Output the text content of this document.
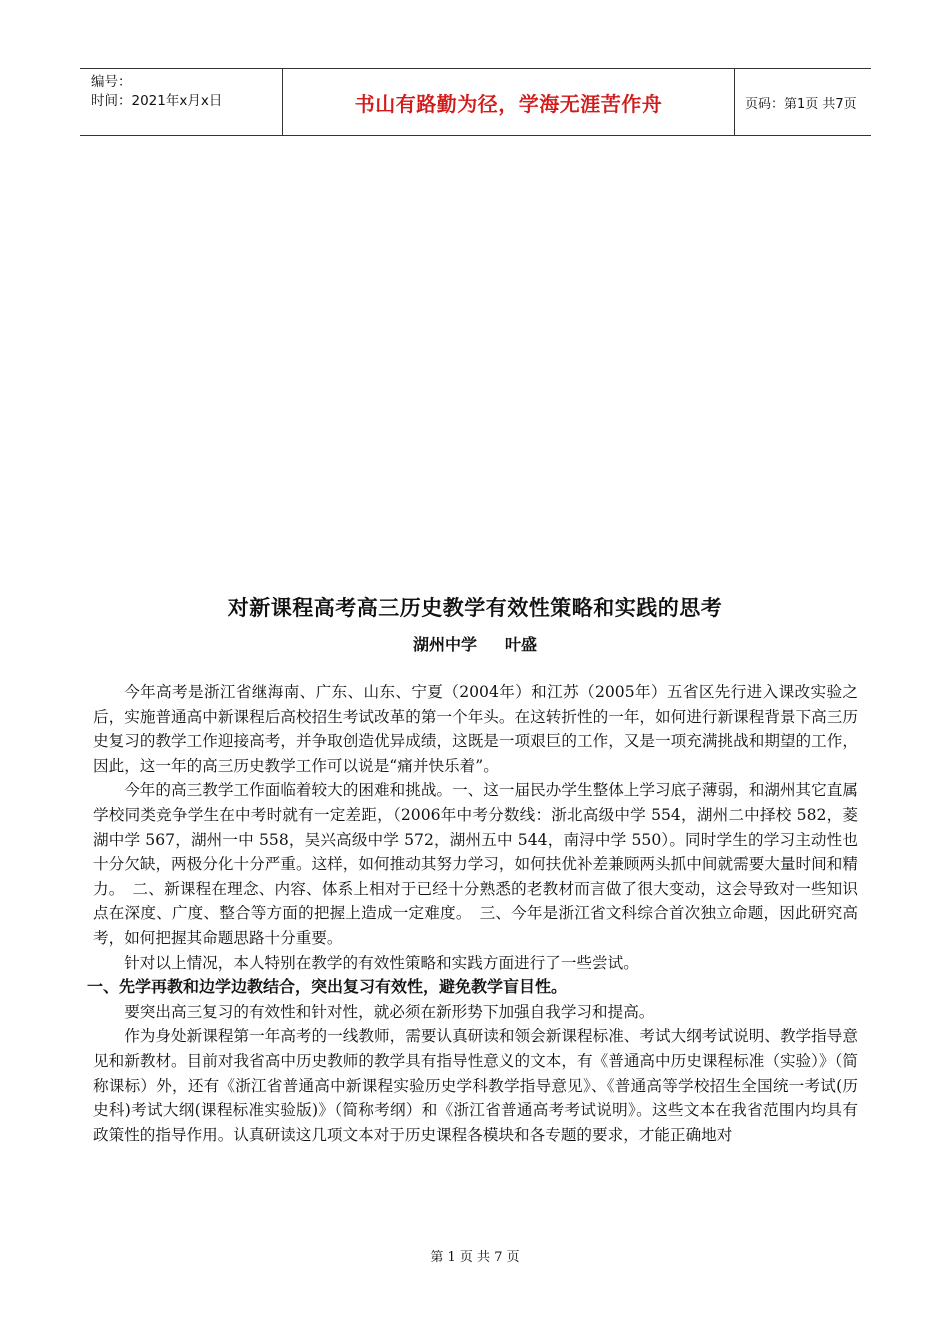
编号：
时间：2021年x月x日	书山有路勤为径，学海无涯苦作舟	页码：第1页 共7页
对新课程高考高三历史教学有效性策略和实践的思考
湖州中学 叶盛

今年高考是浙江省继海南、广东、山东、宁夏（2004年）和江苏（2005年）五省区先行进入课改实验之后，实施普通高中新课程后高校招生考试改革的第一个年头。在这转折性的一年，如何进行新课程背景下高三历史复习的教学工作迎接高考，并争取创造优异成绩，这既是一项艰巨的工作，又是一项充满挑战和期望的工作，因此，这一年的高三历史教学工作可以说是“痛并快乐着”。

今年的高三教学工作面临着较大的困难和挑战。一、这一届民办学生整体上学习底子薄弱，和湖州其它直属学校同类竞争学生在中考时就有一定差距，（2006年中考分数线：浙北高级中学 554，湖州二中择校 582，菱湖中学 567，湖州一中 558，吴兴高级中学 572，湖州五中 544，南浔中学 550）。同时学生的学习主动性也十分欠缺，两极分化十分严重。这样，如何推动其努力学习，如何扶优补差兼顾两头抓中间就需要大量时间和精力。　二、新课程在理念、内容、体系上相对于已经十分熟悉的老教材而言做了很大变动，这会导致对一些知识点在深度、广度、整合等方面的把握上造成一定难度。　三、今年是浙江省文科综合首次独立命题，因此研究高考，如何把握其命题思路十分重要。

针对以上情况，本人特别在教学的有效性策略和实践方面进行了一些尝试。

一、先学再教和边学边教结合，突出复习有效性，避免教学盲目性。

要突出高三复习的有效性和针对性，就必须在新形势下加强自我学习和提高。

作为身处新课程第一年高考的一线教师，需要认真研读和领会新课程标准、考试大纲考试说明、教学指导意见和新教材。目前对我省高中历史教师的教学具有指导性意义的文本，有《普通高中历史课程标准（实验）》（简称课标）外，还有《浙江省普通高中新课程实验历史学科教学指导意见》、《普通高等学校招生全国统一考试(历史科)考试大纲(课程标准实验版)》（简称考纲）和《浙江省普通高考考试说明》。这些文本在我省范围内均具有政策性的指导作用。认真研读这几项文本对于历史课程各模块和各专题的要求，才能正确地对

第 1 页 共 7 页
